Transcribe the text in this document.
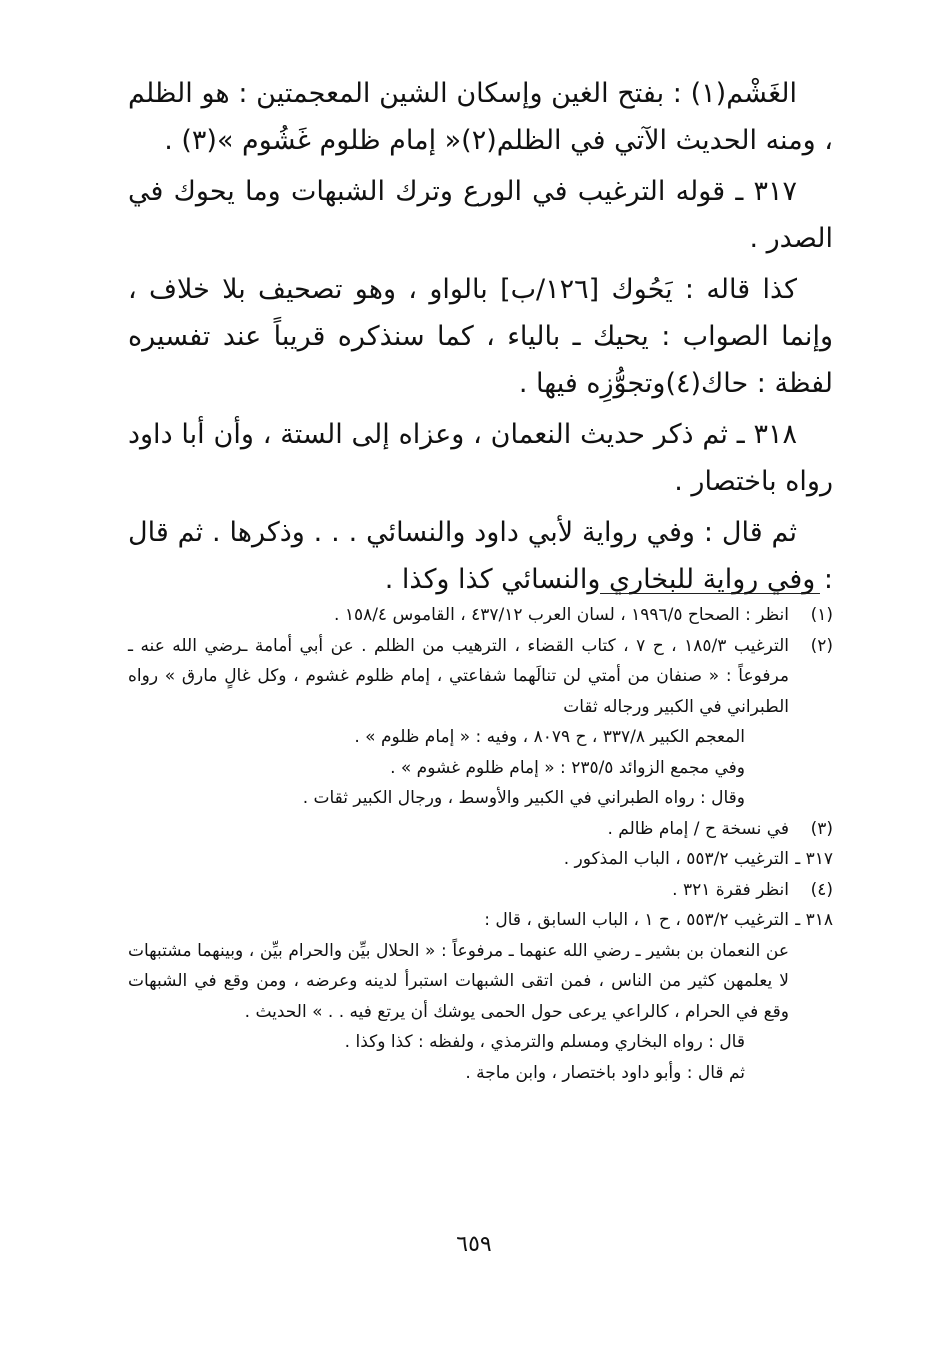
الغَشْم(١) : بفتح الغين وإسكان الشين المعجمتين : هو الظلم ، ومنه الحديث الآتي في الظلم(٢)« إمام ظلوم غَشُوم »(٣) .

٣١٧ ـ قوله الترغيب في الورع وترك الشبهات وما يحوك في الصدر .

كذا قاله : يَحُوك [١٢٦/ب] بالواو ، وهو تصحيف بلا خلاف ، وإنما الصواب : يحيك ـ بالياء ، كما سنذكره قريباً عند تفسيره لفظة : حاك(٤)وتجوُّزِه فيها .

٣١٨ ـ ثم ذكر حديث النعمان ، وعزاه إلى الستة ، وأن أبا داود رواه باختصار .

ثم قال : وفي رواية لأبي داود والنسائي . . . وذكرها . ثم قال : وفي رواية للبخاري والنسائي كذا وكذا .

(١)
انظر : الصحاح ١٩٩٦/٥ ، لسان العرب ٤٣٧/١٢ ، القاموس ١٥٨/٤ .
(٢)
الترغيب ١٨٥/٣ ، ح ٧ ، كتاب القضاء ، الترهيب من الظلم . عن أبي أمامة ـرضي الله عنه ـ مرفوعاً : « صنفان من أمتي لن تنالَهما شفاعتي ، إمام ظلوم غشوم ، وكل غالٍ مارق » رواه الطبراني في الكبير ورجاله ثقات

المعجم الكبير ٣٣٧/٨ ، ح ٨٠٧٩ ، وفيه : « إمام ظلوم » .

وفي مجمع الزوائد ٢٣٥/٥ : « إمام ظلوم غشوم » .

وقال : رواه الطبراني في الكبير والأوسط ، ورجال الكبير ثقات .

(٣)
في نسخة ح / إمام ظالم .
٣١٧ ـ
الترغيب ٥٥٣/٢ ، الباب المذكور .
(٤)
انظر فقرة ٣٢١ .
٣١٨ ـ
الترغيب ٥٥٣/٢ ، ح ١ ، الباب السابق ، قال :

عن النعمان بن بشير ـ رضي الله عنهما ـ مرفوعاً : « الحلال بيِّن والحرام بيِّن ، وبينهما مشتبهات لا يعلمهن كثير من الناس ، فمن اتقى الشبهات استبرأ لدينه وعرضه ، ومن وقع في الشبهات وقع في الحرام ، كالراعي يرعى حول الحمى يوشك أن يرتع فيه . . » الحديث .

قال : رواه البخاري ومسلم والترمذي ، ولفظه : كذا وكذا .

ثم قال : وأبو داود باختصار ، وابن ماجة .

٦٥٩
